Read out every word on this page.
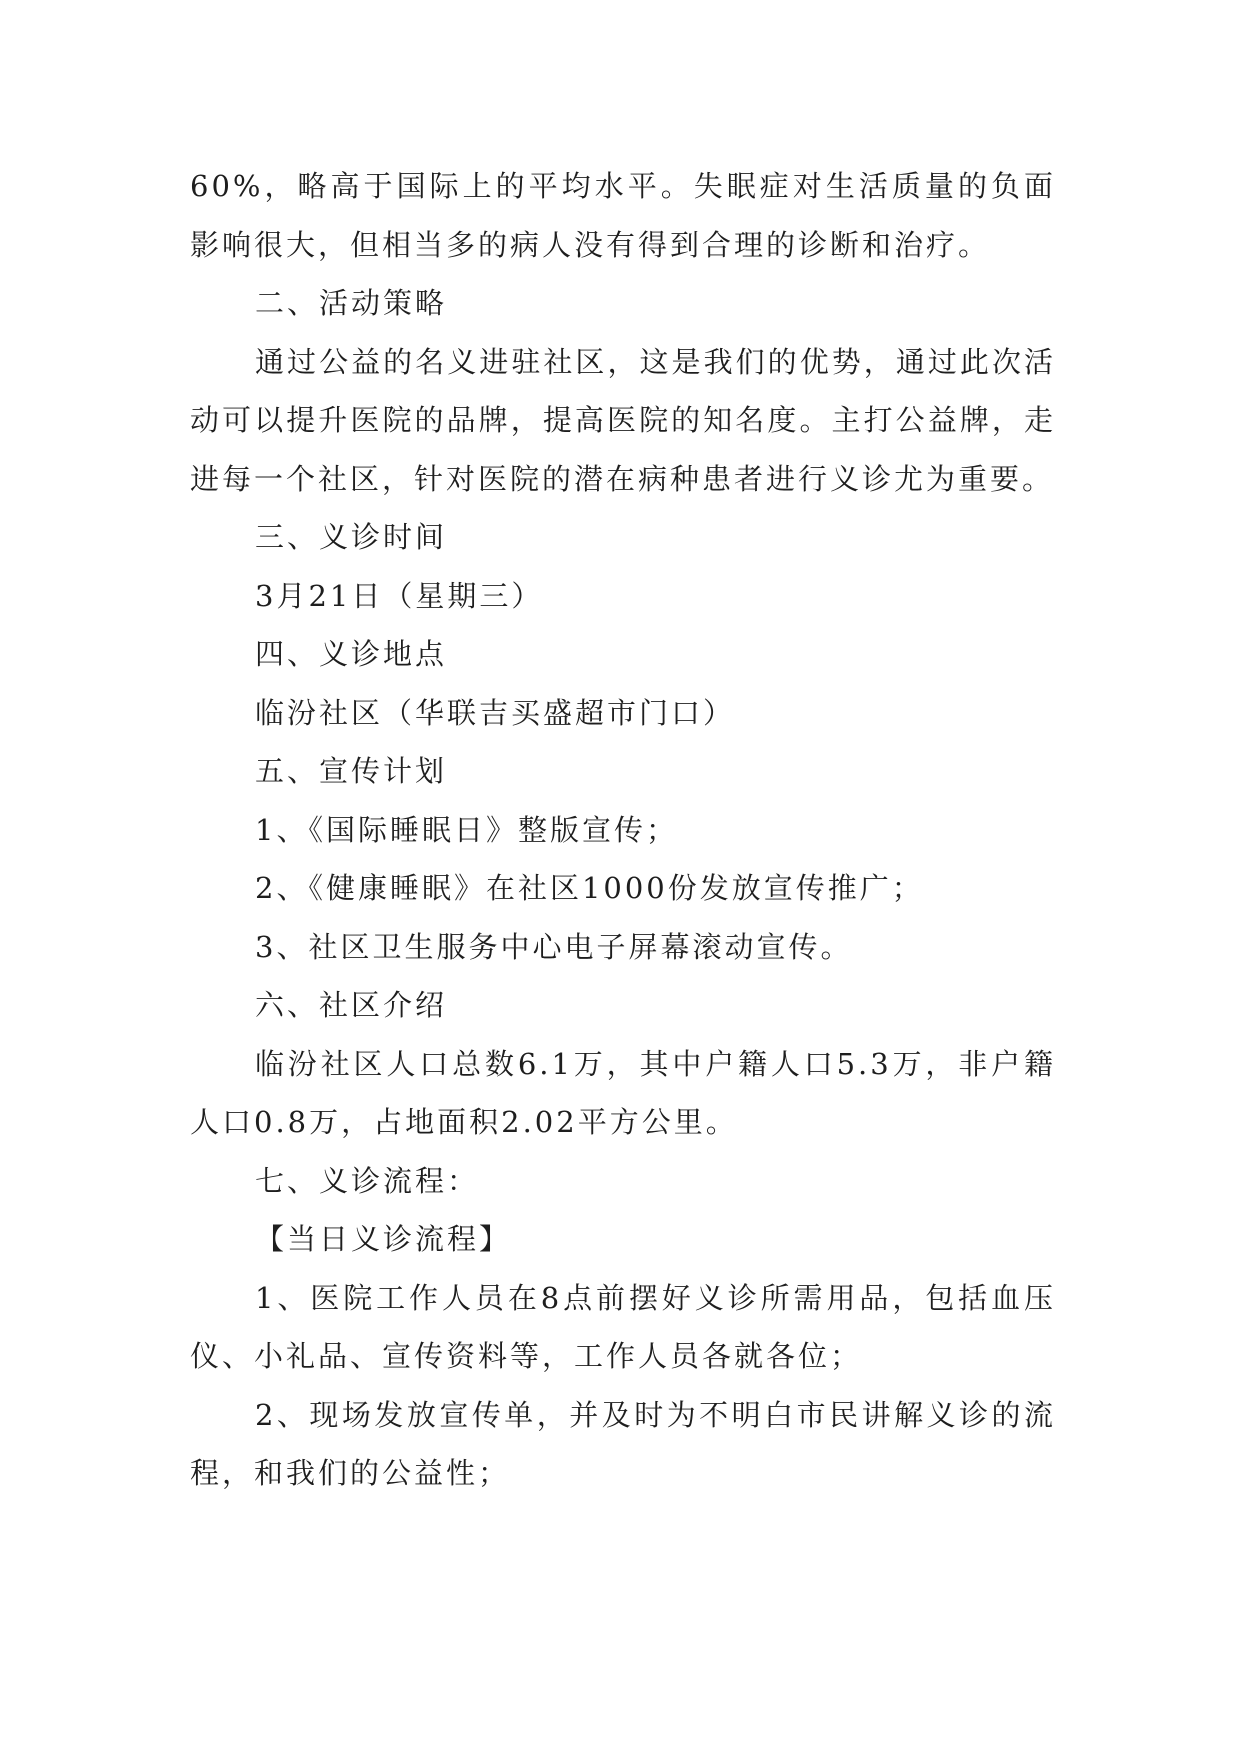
60%，略高于国际上的平均水平。失眠症对生活质量的负面影响很大，但相当多的病人没有得到合理的诊断和治疗。

二、活动策略

通过公益的名义进驻社区，这是我们的优势，通过此次活动可以提升医院的品牌，提高医院的知名度。主打公益牌，走进每一个社区，针对医院的潜在病种患者进行义诊尤为重要。

三、义诊时间

3月21日（星期三）

四、义诊地点

临汾社区（华联吉买盛超市门口）

五、宣传计划

1、《国际睡眠日》整版宣传；

2、《健康睡眠》在社区1000份发放宣传推广；

3、社区卫生服务中心电子屏幕滚动宣传。

六、社区介绍

临汾社区人口总数6.1万，其中户籍人口5.3万，非户籍人口0.8万，占地面积2.02平方公里。

七、义诊流程：

【当日义诊流程】

1、医院工作人员在8点前摆好义诊所需用品，包括血压仪、小礼品、宣传资料等，工作人员各就各位；

2、现场发放宣传单，并及时为不明白市民讲解义诊的流程，和我们的公益性；
